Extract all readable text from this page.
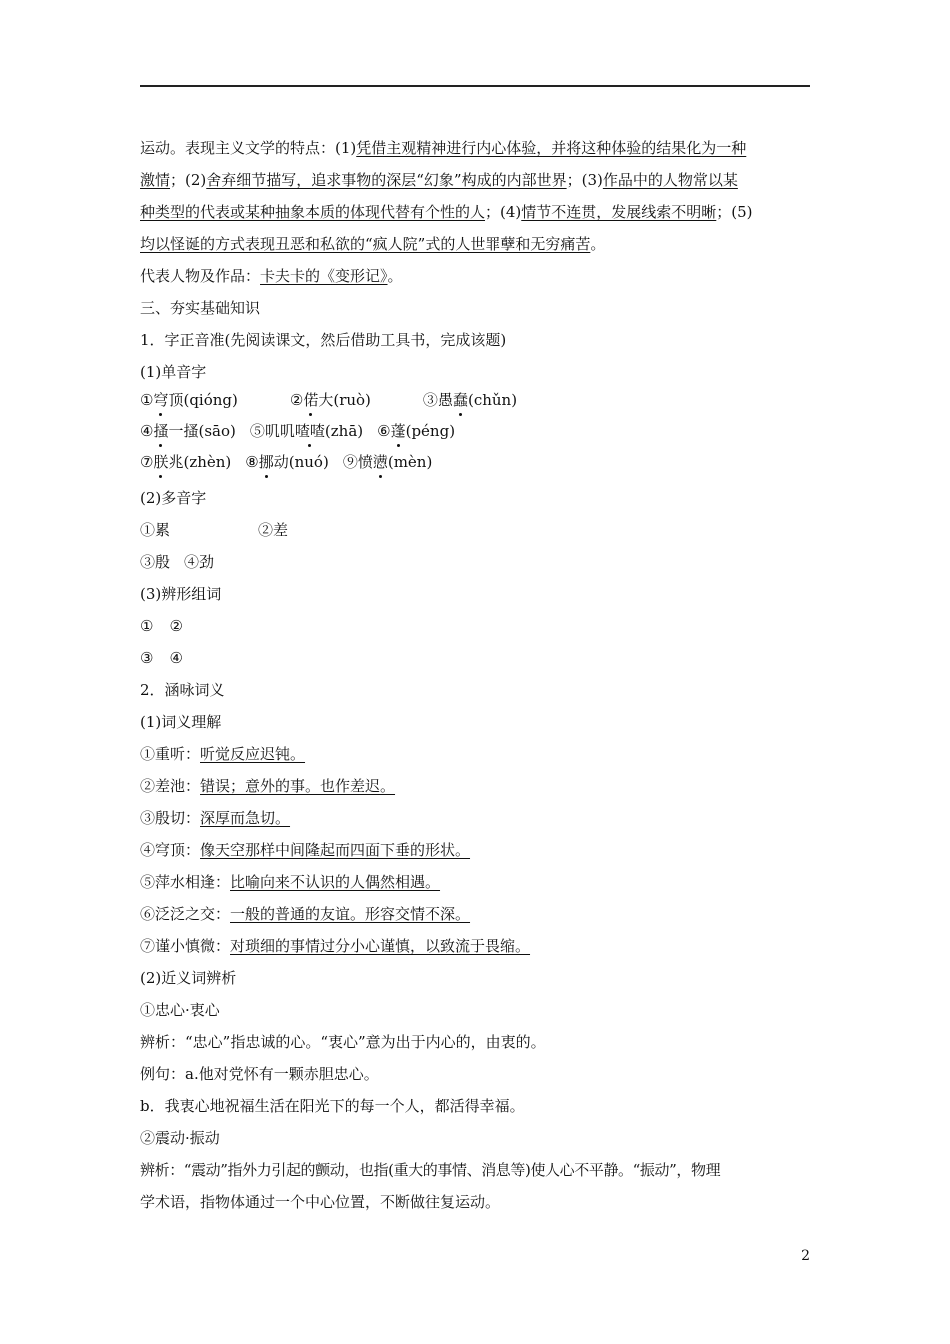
运动。表现主义文学的特点：(1)凭借主观精神进行内心体验，并将这种体验的结果化为一种
激情；(2)舍弃细节描写，追求事物的深层“幻象”构成的内部世界；(3)作品中的人物常以某
种类型的代表或某种抽象本质的体现代替有个性的人；(4)情节不连贯，发展线索不明晰；(5)
均以怪诞的方式表现丑恶和私欲的“疯人院”式的人世罪孽和无穷痛苦。
代表人物及作品：卡夫卡的《变形记》。
三、夯实基础知识
1．字正音准(先阅读课文，然后借助工具书，完成该题)
(1)单音字
①穹顶(qióng)	②偌大(ruò)	③愚蠢(chǔn)
④搔一搔(sāo) ⑤叽叽喳喳(zhā) ⑥蓬(péng)
⑦朕兆(zhèn) ⑧挪动(nuó) ⑨愤懑(mèn)
(2)多音字
①累	②差
③殷 ④劲
(3)辨形组词
① ②
③ ④
2．涵咏词义
(1)词义理解
①重听：听觉反应迟钝。
②差池：错误；意外的事。也作差迟。
③殷切：深厚而急切。
④穹顶：像天空那样中间隆起而四面下垂的形状。
⑤萍水相逢：比喻向来不认识的人偶然相遇。
⑥泛泛之交：一般的普通的友谊。形容交情不深。
⑦谨小慎微：对琐细的事情过分小心谨慎，以致流于畏缩。
(2)近义词辨析
①忠心·衷心
辨析：“忠心”指忠诚的心。“衷心”意为出于内心的，由衷的。
例句：a.他对党怀有一颗赤胆忠心。
b．我衷心地祝福生活在阳光下的每一个人，都活得幸福。
②震动·振动
辨析：“震动”指外力引起的颤动，也指(重大的事情、消息等)使人心不平静。“振动”，物理
学术语，指物体通过一个中心位置，不断做往复运动。
2
